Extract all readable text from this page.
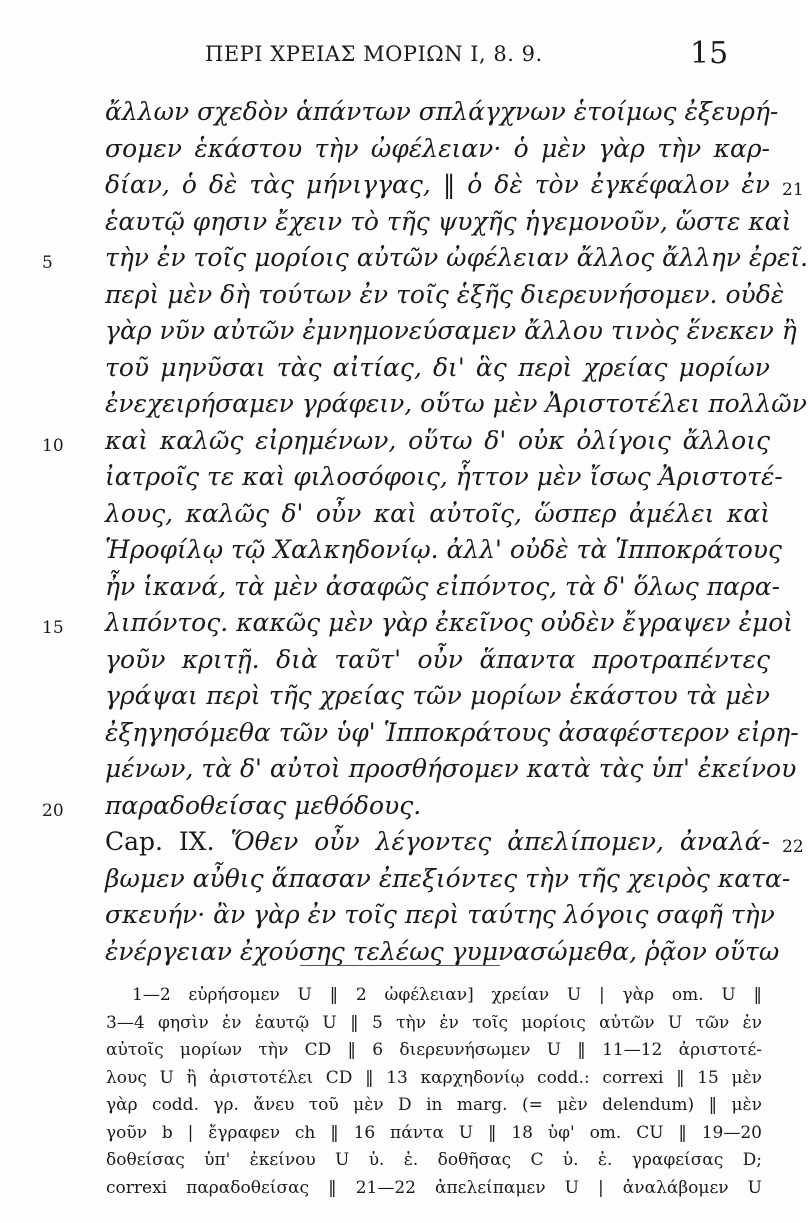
ΠΕΡΙ ΧΡΕΙΑΣ ΜΟΡΙΩΝ Ι, 8. 9.	15
ἄλλων σχεδὸν ἁπάντων σπλάγχνων ἑτοίμως ἐξευρή-
σομεν ἑκάστου τὴν ὠφέλειαν· ὁ μὲν γὰρ τὴν καρ-
δίαν, ὁ δὲ τὰς μήνιγγας, ‖ ὁ δὲ τὸν ἐγκέφαλον ἐν 21
ἑαυτῷ φησιν ἔχειν τὸ τῆς ψυχῆς ἡγεμονοῦν, ὥστε καὶ
5	τὴν ἐν τοῖς μορίοις αὐτῶν ὠφέλειαν ἄλλος ἄλλην ἐρεῖ.
περὶ μὲν δὴ τούτων ἐν τοῖς ἑξῆς διερευνήσομεν. οὐδὲ
γὰρ νῦν αὐτῶν ἐμνημονεύσαμεν ἄλλου τινὸς ἕνεκεν ἢ
τοῦ μηνῦσαι τὰς αἰτίας, δι' ἃς περὶ χρείας μορίων
ἐνεχειρήσαμεν γράφειν, οὕτω μὲν Ἀριστοτέλει πολλῶν
10	καὶ καλῶς εἰρημένων, οὕτω δ' οὐκ ὀλίγοις ἄλλοις
ἰατροῖς τε καὶ φιλοσόφοις, ἧττον μὲν ἴσως Ἀριστοτέ-
λους, καλῶς δ' οὖν καὶ αὐτοῖς, ὥσπερ ἀμέλει καὶ
Ἡροφίλῳ τῷ Χαλκηδονίῳ. ἀλλ' οὐδὲ τὰ Ἱπποκράτους
ἦν ἱκανά, τὰ μὲν ἀσαφῶς εἰπόντος, τὰ δ' ὅλως παρα-
15	λιπόντος. κακῶς μὲν γὰρ ἐκεῖνος οὐδὲν ἔγραψεν ἐμοὶ
γοῦν κριτῇ. διὰ ταῦτ' οὖν ἅπαντα προτραπέντες
γράψαι περὶ τῆς χρείας τῶν μορίων ἑκάστου τὰ μὲν
ἐξηγησόμεθα τῶν ὑφ' Ἱπποκράτους ἀσαφέστερον εἰρη-
μένων, τὰ δ' αὐτοὶ προσθήσομεν κατὰ τὰς ὑπ' ἐκείνου
20	παραδοθείσας μεθόδους.
Cap. IX. Ὅθεν οὖν λέγοντες ἀπελίπομεν, ἀναλά- 22
βωμεν αὖθις ἅπασαν ἐπεξιόντες τὴν τῆς χειρὸς κατα-
σκευήν· ἂν γὰρ ἐν τοῖς περὶ ταύτης λόγοις σαφῆ τὴν
ἐνέργειαν ἐχούσης τελέως γυμνασώμεθα, ῥᾷον οὕτω
1—2 εὑρήσομεν U ‖ 2 ὠφέλειαν] χρείαν U | γὰρ om. U ‖
3—4 φησὶν ἐν ἑαυτῷ U ‖ 5 τὴν ἐν τοῖς μορίοις αὐτῶν U τῶν ἐν
αὐτοῖς μορίων τὴν CD ‖ 6 διερευνήσωμεν U ‖ 11—12 ἀριστοτέ-
λους U ἢ ἀριστοτέλει CD ‖ 13 καρχηδονίῳ codd.: correxi ‖ 15 μὲν
γὰρ codd. γρ. ἄνευ τοῦ μὲν D in marg. (= μὲν delendum) ‖ μὲν
γοῦν b | ἔγραφεν ch ‖ 16 πάντα U ‖ 18 ὑφ' om. CU ‖ 19—20
δοθείσας ὑπ' ἐκείνου U ὑ. ἐ. δοθῆσας C ὑ. ἐ. γραφείσας D;
correxi παραδοθείσας ‖ 21—22 ἀπελείπαμεν U | ἀναλάβομεν U
